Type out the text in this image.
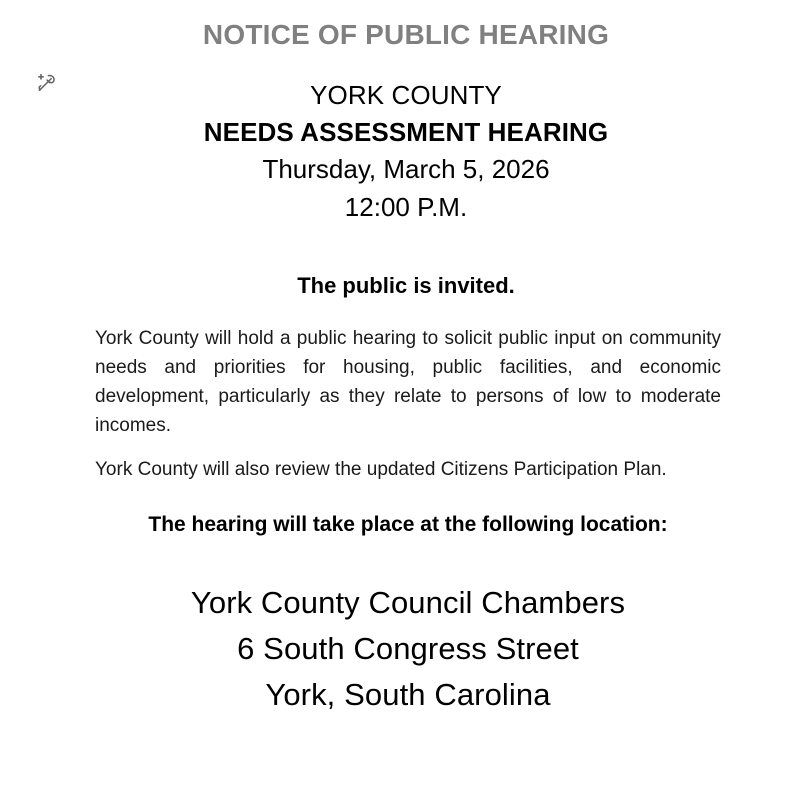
NOTICE OF PUBLIC HEARING
YORK COUNTY
NEEDS ASSESSMENT HEARING
Thursday, March 5, 2026
12:00 P.M.
The public is invited.

York County will hold a public hearing to solicit public input on community needs and priorities for housing, public facilities, and economic development, particularly as they relate to persons of low to moderate incomes.

York County will also review the updated Citizens Participation Plan.

The hearing will take place at the following location:
York County Council Chambers
6 South Congress Street
York, South Carolina
